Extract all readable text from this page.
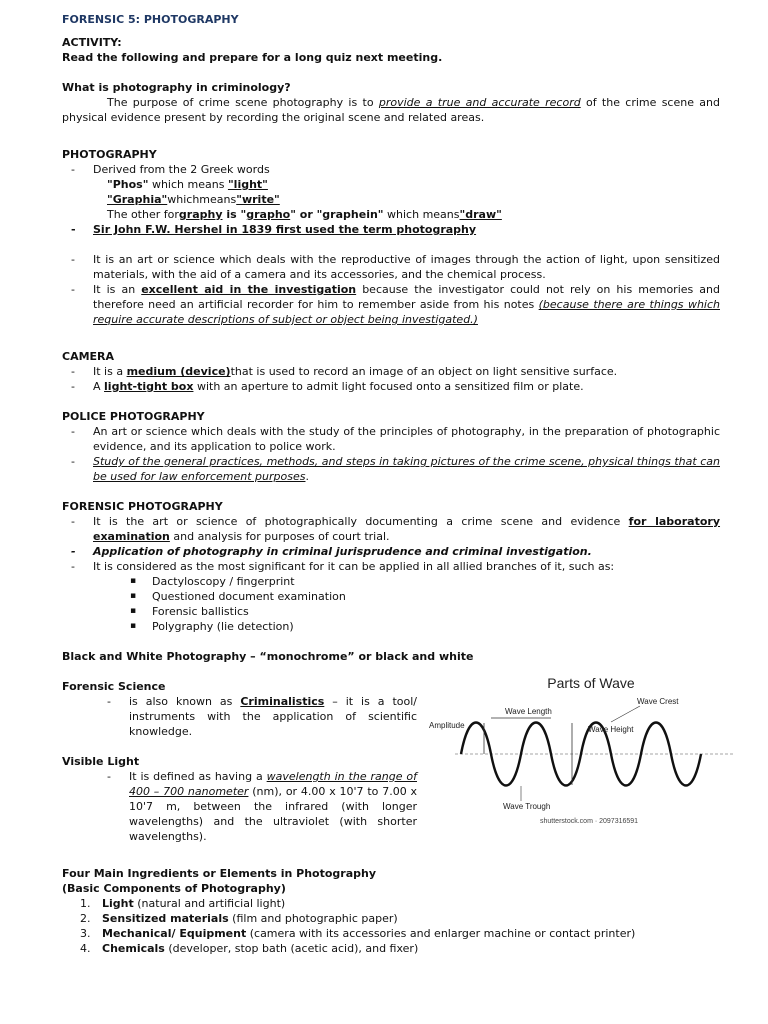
FORENSIC 5: PHOTOGRAPHY

ACTIVITY:

Read the following and prepare for a long quiz next meeting.

What is photography in criminology?

The purpose of crime scene photography is to provide a true and accurate record of the crime scene and physical evidence present by recording the original scene and related areas.

PHOTOGRAPHY

- Derived from the 2 Greek words
"Phos" which means "light"
"Graphia"whichmeans"write"
The other forgraphy is "grapho" or "graphein" which means"draw"
- Sir John F.W. Hershel in 1839 first used the term photography
- It is an art or science which deals with the reproductive of images through the action of light, upon sensitized materials, with the aid of a camera and its accessories, and the chemical process.
- It is an excellent aid in the investigation because the investigator could not rely on his memories and therefore need an artificial recorder for him to remember aside from his notes (because there are things which require accurate descriptions of subject or object being investigated.)

CAMERA

- It is a medium (device)that is used to record an image of an object on light sensitive surface.
- A light-tight box with an aperture to admit light focused onto a sensitized film or plate.

POLICE PHOTOGRAPHY

- An art or science which deals with the study of the principles of photography, in the preparation of photographic evidence, and its application to police work.
- Study of the general practices, methods, and steps in taking pictures of the crime scene, physical things that can be used for law enforcement purposes.

FORENSIC PHOTOGRAPHY

- It is the art or science of photographically documenting a crime scene and evidence for laboratory examination and analysis for purposes of court trial.
- Application of photography in criminal jurisprudence and criminal investigation.
- It is considered as the most significant for it can be applied in all allied branches of it, such as:
▪ Dactyloscopy / fingerprint
▪ Questioned document examination
▪ Forensic ballistics
▪ Polygraphy (lie detection)

Black and White Photography – “monochrome” or black and white

Forensic Science

- is also known as Criminalistics – it is a tool/ instruments with the application of scientific knowledge.

Visible Light

- It is defined as having a wavelength in the range of 400 – 700 nanometer (nm), or 4.00 x 10'7 to 7.00 x 10'7 m, between the infrared (with longer wavelengths) and the ultraviolet (with shorter wavelengths).

Four Main Ingredients or Elements in Photography

(Basic Components of Photography)

1. Light (natural and artificial light)
2. Sensitized materials (film and photographic paper)
3. Mechanical/ Equipment (camera with its accessories and enlarger machine or contact printer)
4. Chemicals (developer, stop bath (acetic acid), and fixer)
Parts of Wave
Amplitude
Wave Length
Wave Height
Wave Crest
Wave Trough
shutterstock.com · 2097316591
